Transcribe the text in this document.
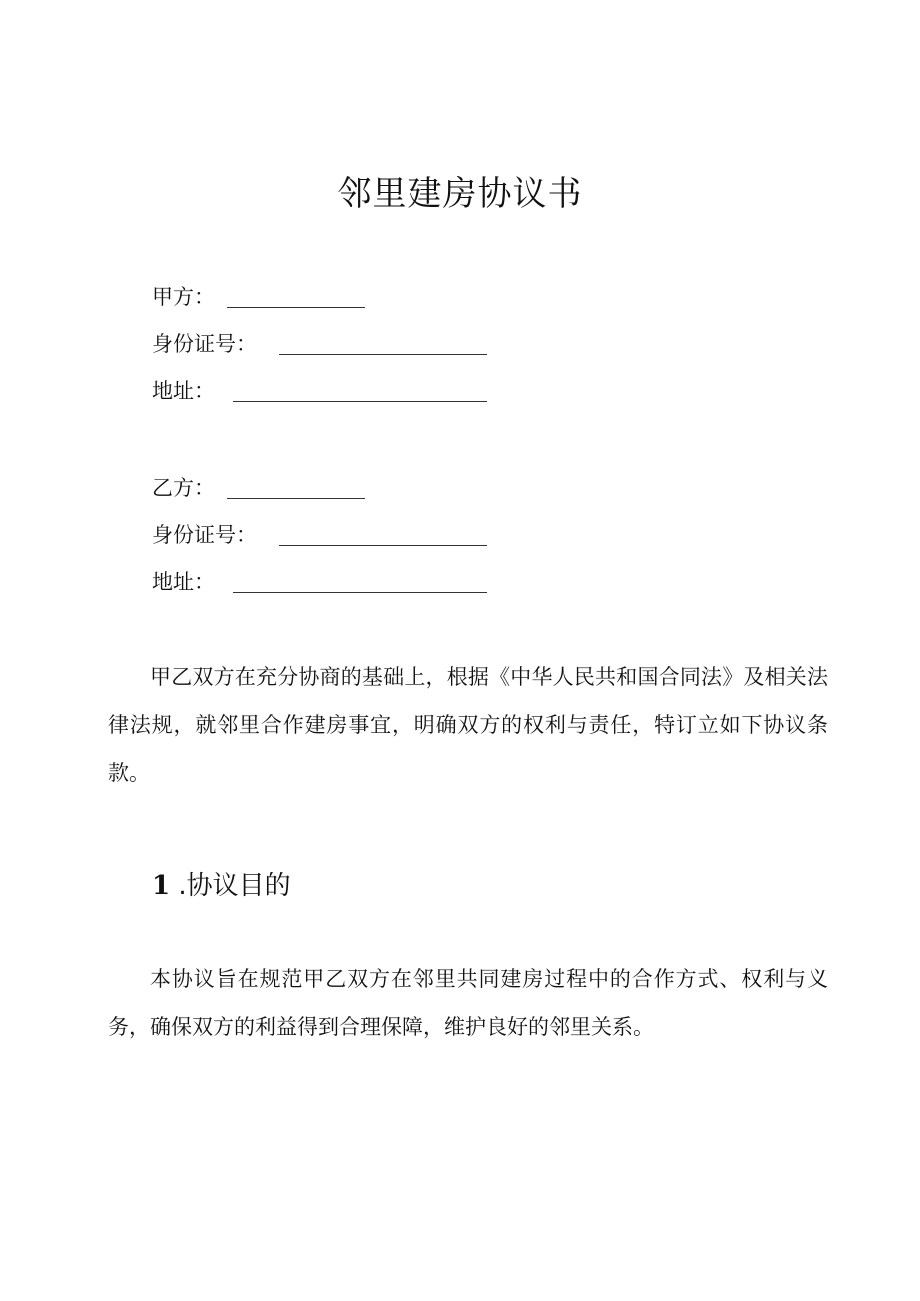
邻里建房协议书
甲方：
身份证号：
地址：
乙方：
身份证号：
地址：

甲乙双方在充分协商的基础上，根据《中华人民共和国合同法》及相关法律法规，就邻里合作建房事宜，明确双方的权利与责任，特订立如下协议条款。

1 .协议目的

本协议旨在规范甲乙双方在邻里共同建房过程中的合作方式、权利与义务，确保双方的利益得到合理保障，维护良好的邻里关系。
